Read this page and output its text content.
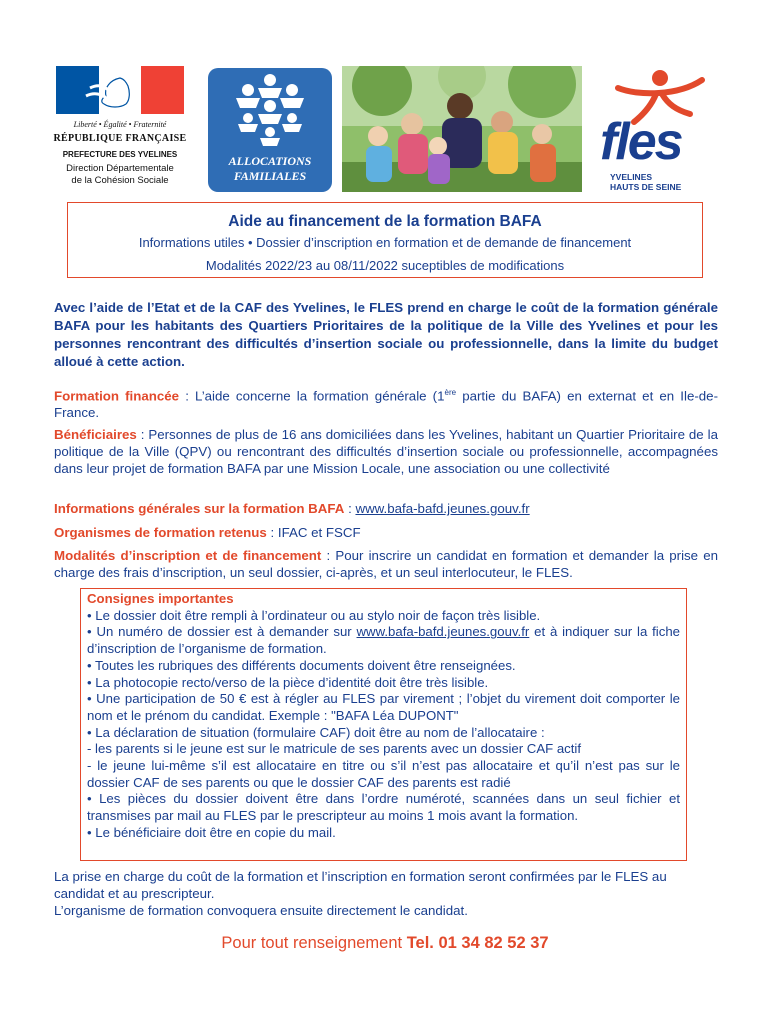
Liberté • Égalité • Fraternité
RÉPUBLIQUE FRANÇAISE
PREFECTURE DES YVELINES
Direction Départementale
de la Cohésion Sociale
ALLOCATIONS
FAMILIALES
fles
YVELINES
HAUTS DE SEINE
Aide au financement de la formation BAFA
Informations utiles • Dossier d’inscription en formation et de demande de financement
Modalités 2022/23 au 08/11/2022 suceptibles de modifications
Avec l’aide de l’Etat et de la CAF des Yvelines, le FLES prend en charge le coût de la formation générale BAFA pour les habitants des Quartiers Prioritaires de la politique de la Ville des Yvelines et pour les personnes rencontrant des difficultés d’insertion sociale ou professionnelle, dans la limite du budget alloué à cette action.
Formation financée : L’aide concerne la formation générale (1ère partie du BAFA) en externat et en Ile-de-France.
Bénéficiaires : Personnes de plus de 16 ans domiciliées dans les Yvelines, habitant un Quartier Prioritaire de la politique de la Ville (QPV) ou rencontrant des difficultés d’insertion sociale ou professionnelle, accompagnées dans leur projet de formation BAFA par une Mission Locale, une association ou une collectivité
Informations générales sur la formation BAFA : www.bafa-bafd.jeunes.gouv.fr
Organismes de formation retenus : IFAC et FSCF
Modalités d’inscription et de financement : Pour inscrire un candidat en formation et demander la prise en charge des frais d’inscription, un seul dossier, ci-après, et un seul interlocuteur, le FLES.

Consignes importantes

• Le dossier doit être rempli à l’ordinateur ou au stylo noir de façon très lisible.

• Un numéro de dossier est à demander sur www.bafa-bafd.jeunes.gouv.fr et à indiquer sur la fiche d’inscription de l’organisme de formation.

• Toutes les rubriques des différents documents doivent être renseignées.

• La photocopie recto/verso de la pièce d’identité doit être très lisible.

• Une participation de 50 € est à régler au FLES par virement ; l’objet du virement doit comporter le nom et le prénom du candidat. Exemple : "BAFA Léa DUPONT"

• La déclaration de situation (formulaire CAF) doit être au nom de l’allocataire :

- les parents si le jeune est sur le matricule de ses parents avec un dossier CAF actif

- le jeune lui-même s’il est allocataire en titre ou s’il n’est pas allocataire et qu’il n’est pas sur le dossier CAF de ses parents ou que le dossier CAF des parents est radié

• Les pièces du dossier doivent être dans l’ordre numéroté, scannées dans un seul fichier et transmises par mail au FLES par le prescripteur au moins 1 mois avant la formation.

• Le bénéficiaire doit être en copie du mail.

La prise en charge du coût de la formation et l’inscription en formation seront confirmées par le FLES au candidat et au prescripteur.

L’organisme de formation convoquera ensuite directement le candidat.

Pour tout renseignement Tel. 01 34 82 52 37
